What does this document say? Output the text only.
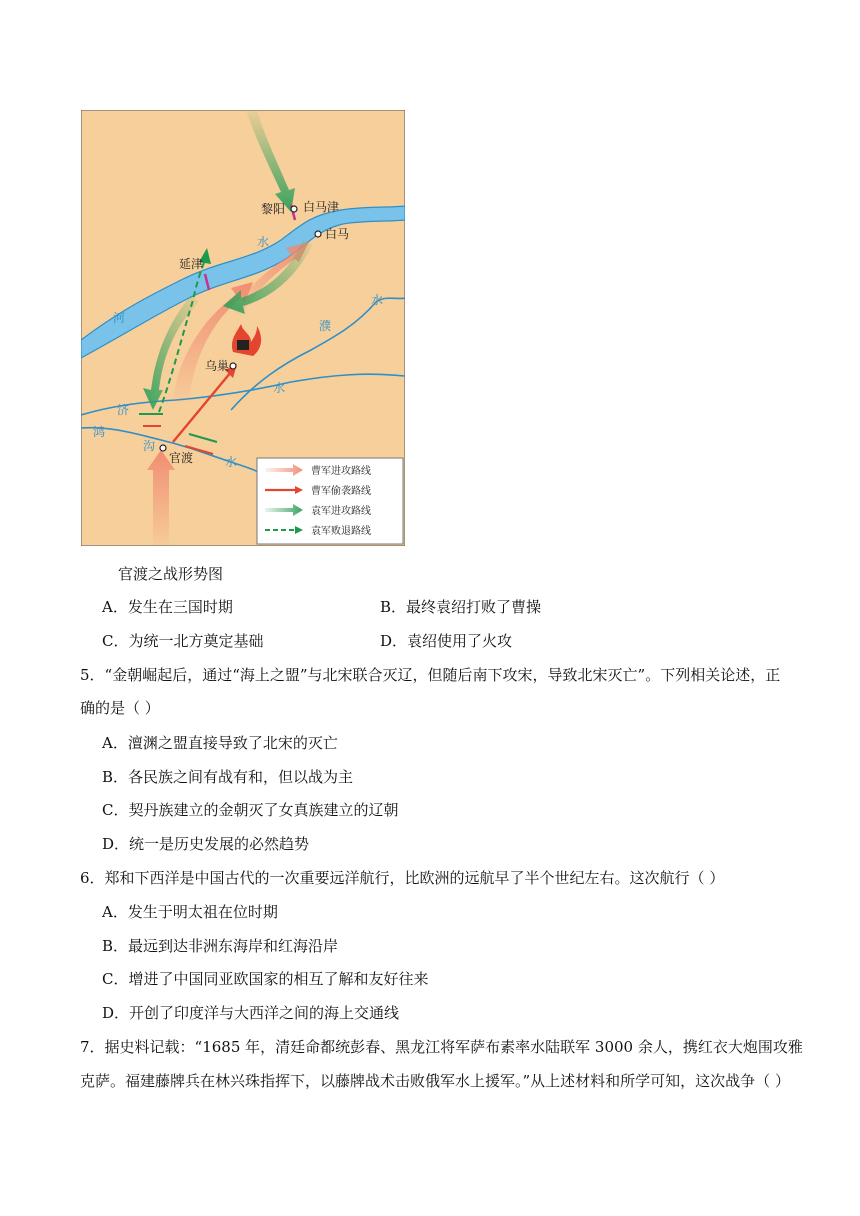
黎阳 白马津
白马
延津
乌巢
官渡
水
河
濮
水
水
济
鸿
沟
水
曹军进攻路线
曹军偷袭路线
袁军进攻路线
袁军败退路线
官渡之战形势图
A．发生在三国时期	B．最终袁绍打败了曹操
C．为统一北方奠定基础	D．袁绍使用了火攻
5．“金朝崛起后，通过“海上之盟”与北宋联合灭辽，但随后南下攻宋，导致北宋灭亡”。下列相关论述，正
确的是（ ）
A．澶渊之盟直接导致了北宋的灭亡
B．各民族之间有战有和，但以战为主
C．契丹族建立的金朝灭了女真族建立的辽朝
D．统一是历史发展的必然趋势
6．郑和下西洋是中国古代的一次重要远洋航行，比欧洲的远航早了半个世纪左右。这次航行（ ）
A．发生于明太祖在位时期
B．最远到达非洲东海岸和红海沿岸
C．增进了中国同亚欧国家的相互了解和友好往来
D．开创了印度洋与大西洋之间的海上交通线
7．据史料记载：“1685 年，清廷命都统彭春、黑龙江将军萨布素率水陆联军 3000 余人，携红衣大炮围攻雅
克萨。福建藤牌兵在林兴珠指挥下，以藤牌战术击败俄军水上援军。”从上述材料和所学可知，这次战争（ ）
